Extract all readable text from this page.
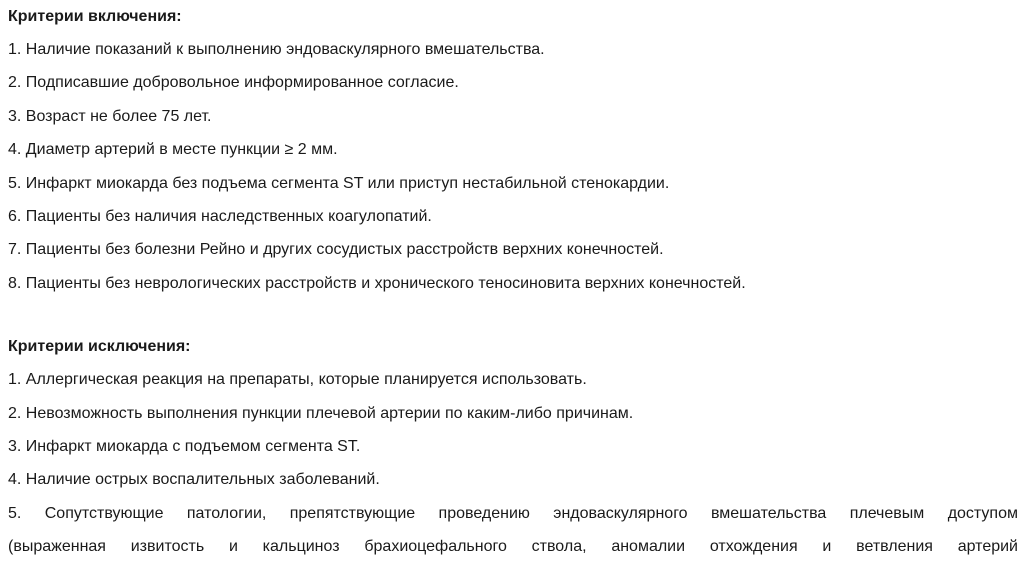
Критерии включения:
1. Наличие показаний к выполнению эндоваскулярного вмешательства.
2. Подписавшие добровольное информированное согласие.
3. Возраст не более 75 лет.
4. Диаметр артерий в месте пункции ≥ 2 мм.
5. Инфаркт миокарда без подъема сегмента ST или приступ нестабильной стенокардии.
6. Пациенты без наличия наследственных коагулопатий.
7. Пациенты без болезни Рейно и других сосудистых расстройств верхних конечностей.
8. Пациенты без неврологических расстройств и хронического теносиновита верхних конечностей.
Критерии исключения:
1. Аллергическая реакция на препараты, которые планируется использовать.
2. Невозможность выполнения пункции плечевой артерии по каким-либо причинам.
3. Инфаркт миокарда с подъемом сегмента ST.
4. Наличие острых воспалительных заболеваний.
5. Сопутствующие патологии, препятствующие проведению эндоваскулярного вмешательства плечевым доступом
(выраженная извитость и кальциноз брахиоцефального ствола, аномалии отхождения и ветвления артерий
